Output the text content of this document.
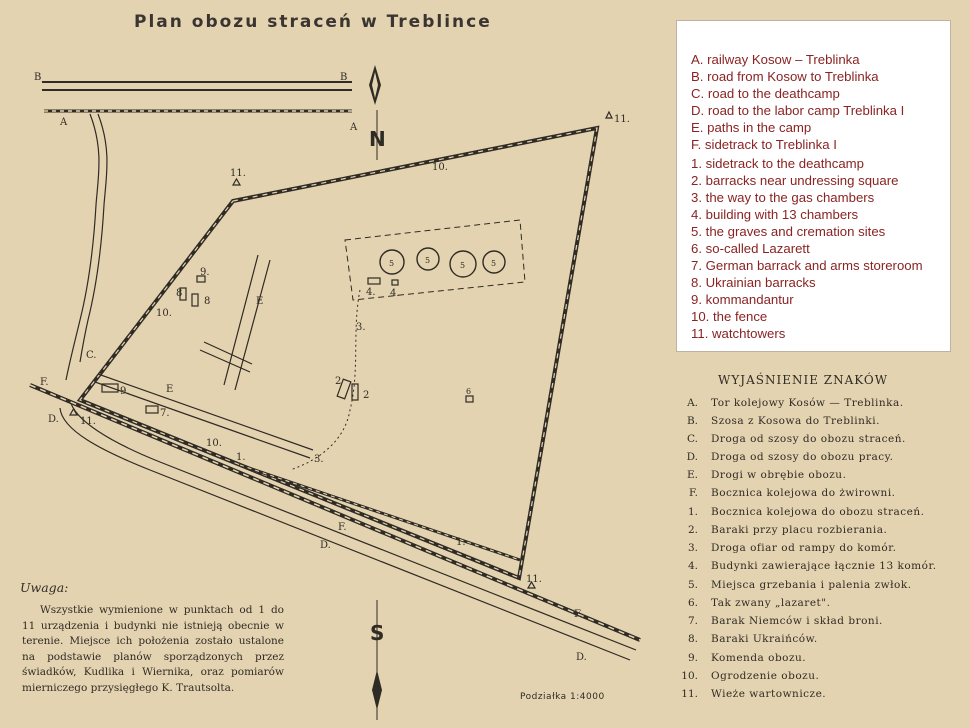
N
S
B	B
A	A
C.
F.
D.
E
E
F.
D.
F.
D.
1.
1.
2
2
3.
3.
4. 4.
5	5
5	5
6
7.
8
8
9.
9.
10.
10.
10.
11.
11.
11.
11.
Plan obozu straceń w Treblince
A. railway Kosow – Treblinka
B. road from Kosow to Treblinka
C. road to the deathcamp
D. road to the labor camp Treblinka I
E. paths in the camp
F. sidetrack to Treblinka I
1. sidetrack to the deathcamp
2. barracks near undressing square
3. the way to the gas chambers
4. building with 13 chambers
5. the graves and cremation sites
6. so-called Lazarett
7. German barrack and arms storeroom
8. Ukrainian barracks
9. kommandantur
10. the fence
11. watchtowers
WYJAŚNIENIE ZNAKÓW
A. Tor kolejowy Kosów — Treblinka.
B. Szosa z Kosowa do Treblinki.
C. Droga od szosy do obozu straceń.
D. Droga od szosy do obozu pracy.
E. Drogi w obrębie obozu.
F. Bocznica kolejowa do żwirowni.
1. Bocznica kolejowa do obozu straceń.
2. Baraki przy placu rozbierania.
3. Droga ofiar od rampy do komór.
4. Budynki zawierające łącznie 13 komór.
5. Miejsca grzebania i palenia zwłok.
6. Tak zwany „lazaret".
7. Barak Niemców i skład broni.
8. Baraki Ukraińców.
9. Komenda obozu.
10. Ogrodzenie obozu.
11. Wieże wartownicze.
Uwaga:
Wszystkie wymienione w punktach od 1 do 11 urządzenia i budynki nie istnieją obecnie w terenie. Miejsce ich położenia zostało ustalone na podstawie planów sporządzonych przez świadków, Kudlika i Wiernika, oraz pomiarów mierniczego przysięgłego K. Trautsolta.
Podziałka 1:4000
